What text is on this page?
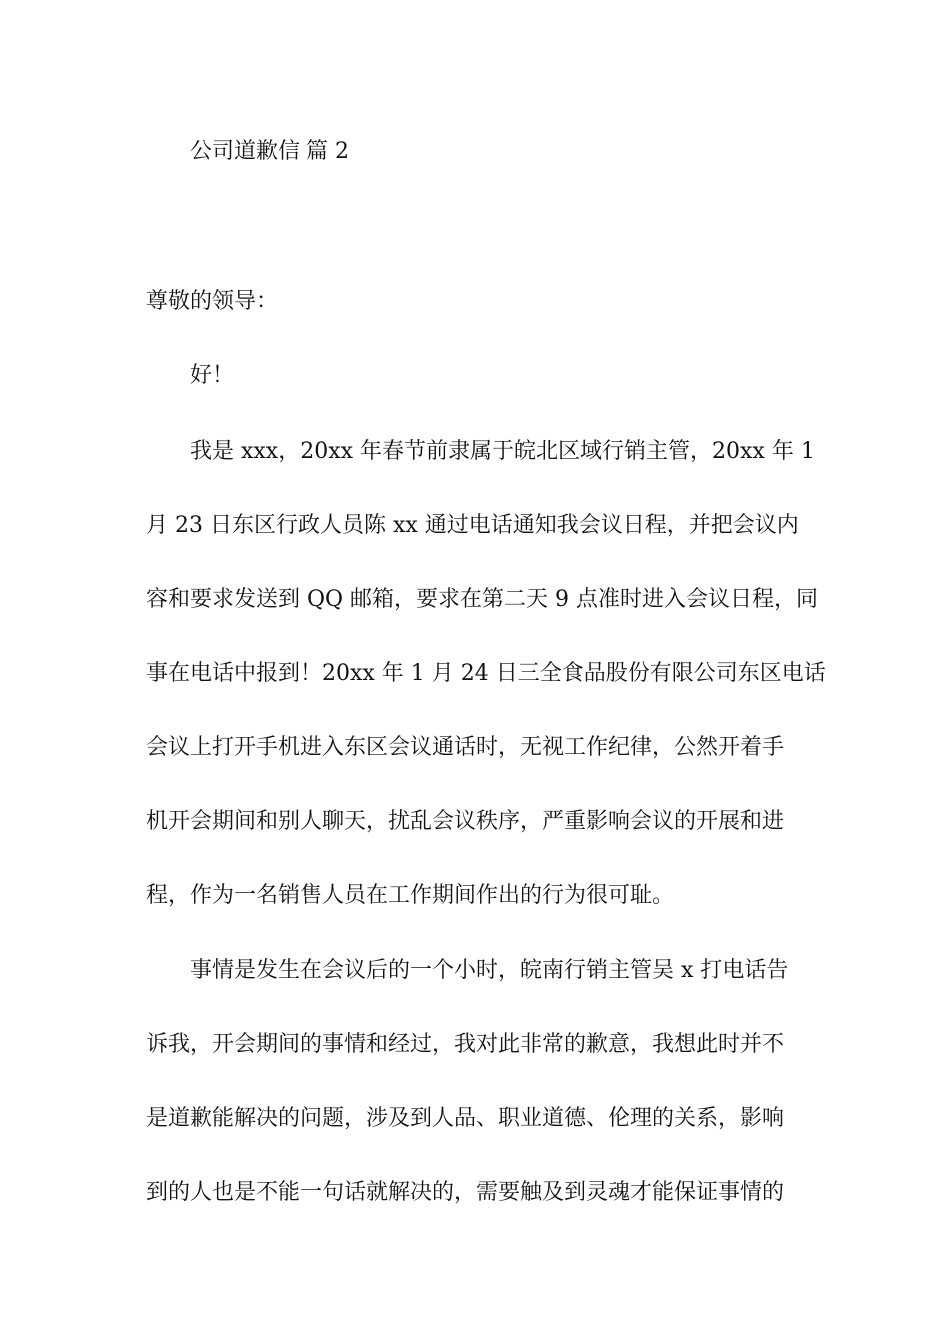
公司道歉信 篇 2
尊敬的领导：
好！
我是 xxx，20xx 年春节前隶属于皖北区域行销主管，20xx 年 1
月 23 日东区行政人员陈 xx 通过电话通知我会议日程，并把会议内
容和要求发送到 QQ 邮箱，要求在第二天 9 点准时进入会议日程，同
事在电话中报到！20xx 年 1 月 24 日三全食品股份有限公司东区电话
会议上打开手机进入东区会议通话时，无视工作纪律，公然开着手
机开会期间和别人聊天，扰乱会议秩序，严重影响会议的开展和进
程，作为一名销售人员在工作期间作出的行为很可耻。
事情是发生在会议后的一个小时，皖南行销主管吴 x 打电话告
诉我，开会期间的事情和经过，我对此非常的歉意，我想此时并不
是道歉能解决的问题，涉及到人品、职业道德、伦理的关系，影响
到的人也是不能一句话就解决的，需要触及到灵魂才能保证事情的
